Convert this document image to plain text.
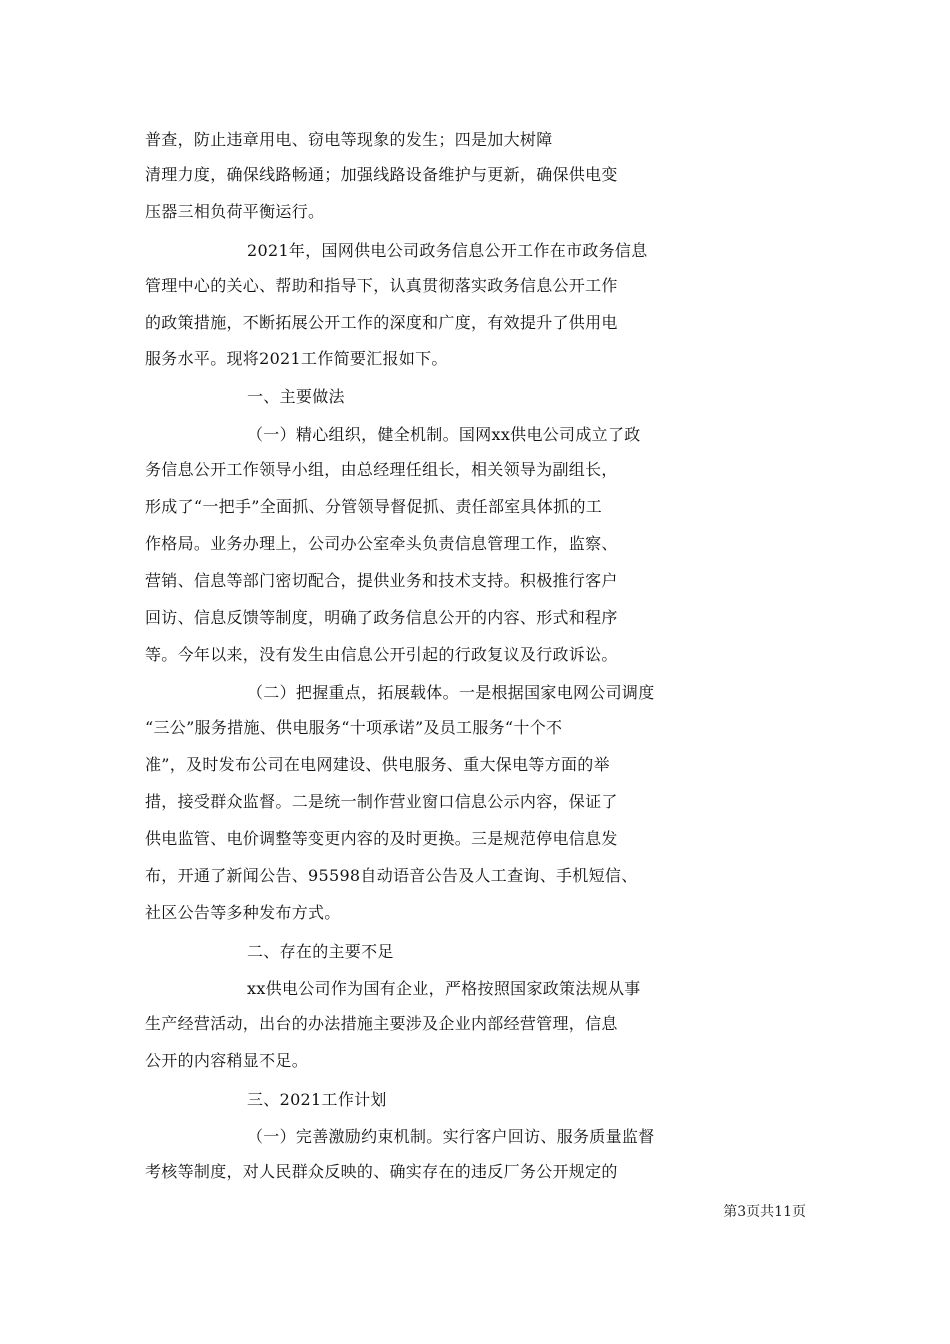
普查，防止违章用电、窃电等现象的发生；四是加大树障
清理力度，确保线路畅通；加强线路设备维护与更新，确保供电变
压器三相负荷平衡运行。
2021年，国网供电公司政务信息公开工作在市政务信息
管理中心的关心、帮助和指导下，认真贯彻落实政务信息公开工作
的政策措施，不断拓展公开工作的深度和广度，有效提升了供用电
服务水平。现将2021工作简要汇报如下。
一、主要做法
（一）精心组织，健全机制。国网xx供电公司成立了政
务信息公开工作领导小组，由总经理任组长，相关领导为副组长，
形成了“一把手”全面抓、分管领导督促抓、责任部室具体抓的工
作格局。业务办理上，公司办公室牵头负责信息管理工作，监察、
营销、信息等部门密切配合，提供业务和技术支持。积极推行客户
回访、信息反馈等制度，明确了政务信息公开的内容、形式和程序
等。今年以来，没有发生由信息公开引起的行政复议及行政诉讼。
（二）把握重点，拓展载体。一是根据国家电网公司调度
“三公”服务措施、供电服务“十项承诺”及员工服务“十个不
准”，及时发布公司在电网建设、供电服务、重大保电等方面的举
措，接受群众监督。二是统一制作营业窗口信息公示内容，保证了
供电监管、电价调整等变更内容的及时更换。三是规范停电信息发
布，开通了新闻公告、95598自动语音公告及人工查询、手机短信、
社区公告等多种发布方式。
二、存在的主要不足
xx供电公司作为国有企业，严格按照国家政策法规从事
生产经营活动，出台的办法措施主要涉及企业内部经营管理，信息
公开的内容稍显不足。
三、2021工作计划
（一）完善激励约束机制。实行客户回访、服务质量监督
考核等制度，对人民群众反映的、确实存在的违反厂务公开规定的
第3页共11页
